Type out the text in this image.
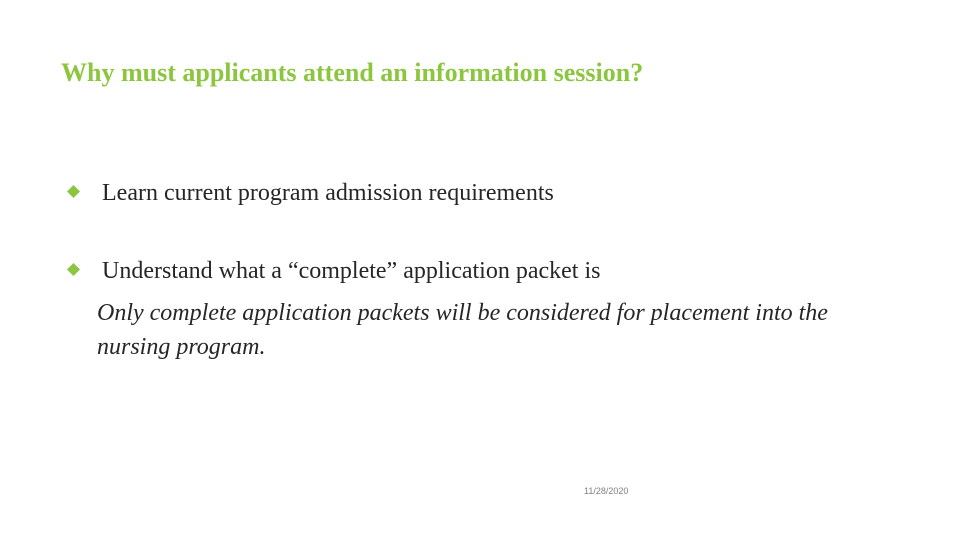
Why must applicants attend an information session?
Learn current program admission requirements
Understand what a “complete” application packet is

Only complete application packets will be considered for placement into the nursing program.

11/28/2020
